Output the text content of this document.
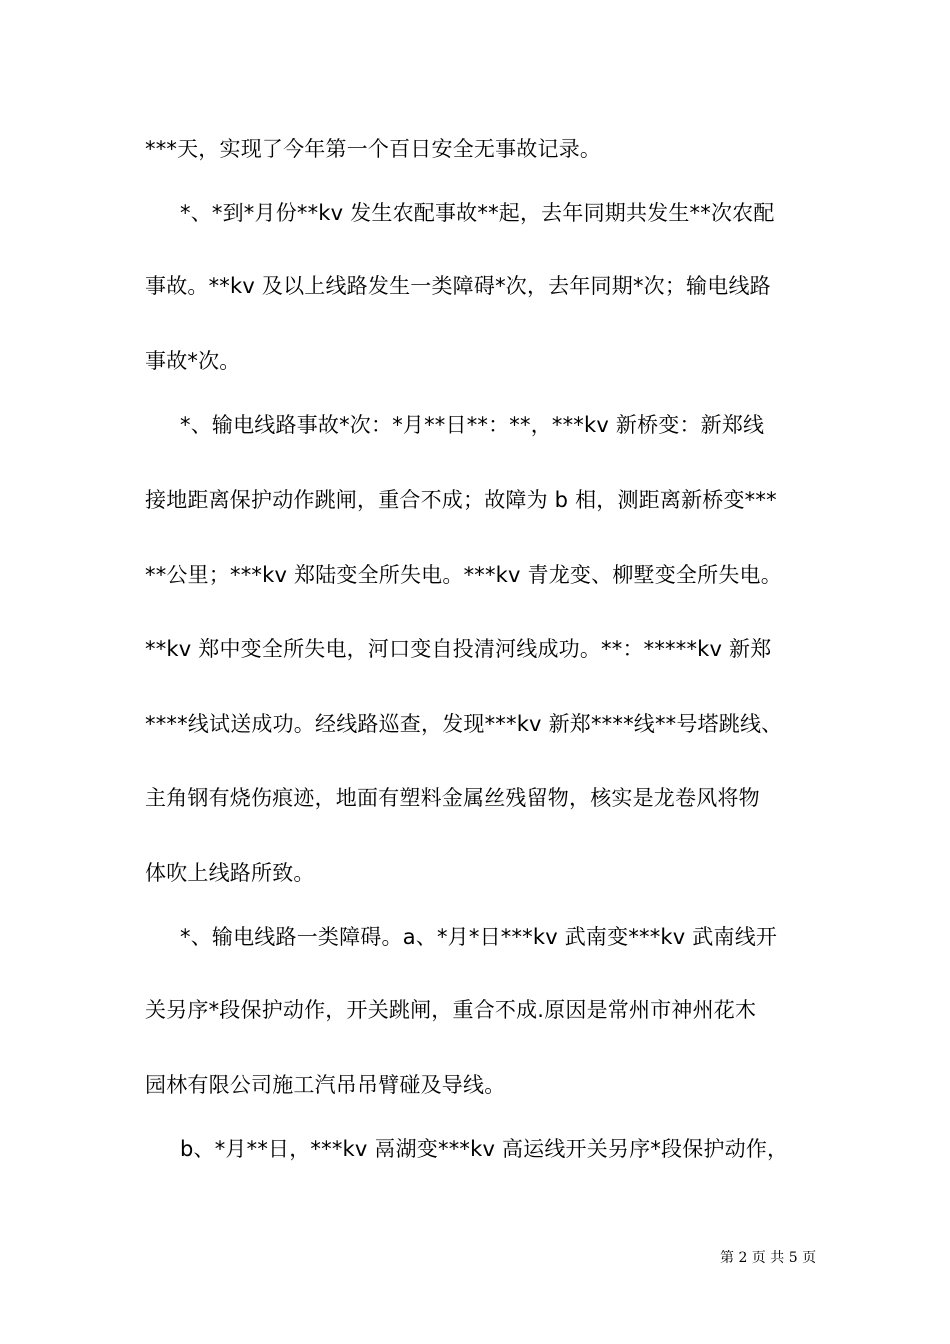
***天，实现了今年第一个百日安全无事故记录。
*、*到*月份**kv 发生农配事故**起，去年同期共发生**次农配
事故。**kv 及以上线路发生一类障碍*次，去年同期*次；输电线路
事故*次。
*、输电线路事故*次：*月**日**：**，***kv 新桥变：新郑线
接地距离保护动作跳闸，重合不成；故障为 b 相，测距离新桥变***
**公里；***kv 郑陆变全所失电。***kv 青龙变、柳墅变全所失电。
**kv 郑中变全所失电，河口变自投清河线成功。**：*****kv 新郑
****线试送成功。经线路巡查，发现***kv 新郑****线**号塔跳线、
主角钢有烧伤痕迹，地面有塑料金属丝残留物，核实是龙卷风将物
体吹上线路所致。
*、输电线路一类障碍。a、*月*日***kv 武南变***kv 武南线开
关另序*段保护动作，开关跳闸，重合不成.原因是常州市神州花木
园林有限公司施工汽吊吊臂碰及导线。
b、*月**日，***kv 鬲湖变***kv 高运线开关另序*段保护动作，
第 2 页 共 5 页
